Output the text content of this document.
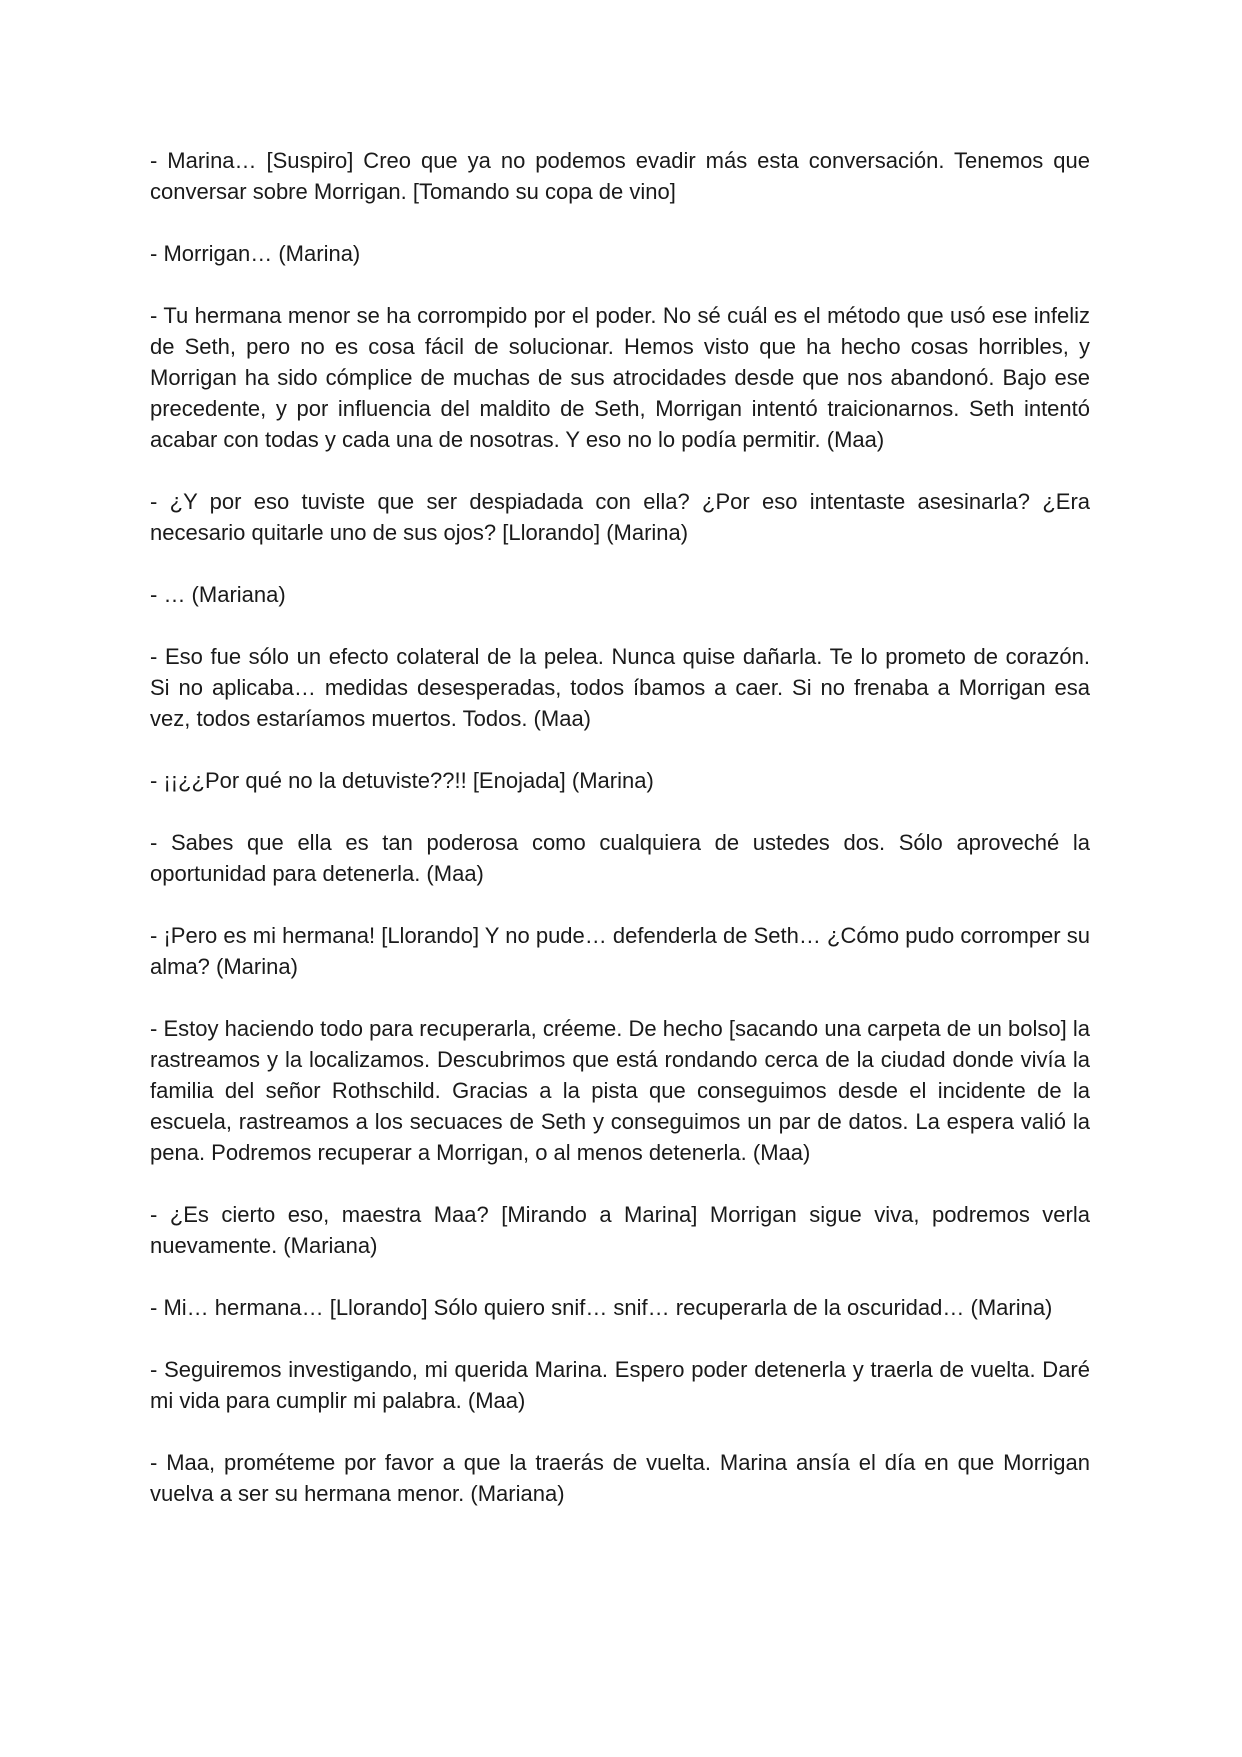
- Marina… [Suspiro] Creo que ya no podemos evadir más esta conversación. Tenemos que conversar sobre Morrigan. [Tomando su copa de vino]

- Morrigan… (Marina)

- Tu hermana menor se ha corrompido por el poder. No sé cuál es el método que usó ese infeliz de Seth, pero no es cosa fácil de solucionar. Hemos visto que ha hecho cosas horribles, y Morrigan ha sido cómplice de muchas de sus atrocidades desde que nos abandonó. Bajo ese precedente, y por influencia del maldito de Seth, Morrigan intentó traicionarnos. Seth intentó acabar con todas y cada una de nosotras. Y eso no lo podía permitir. (Maa)

- ¿Y por eso tuviste que ser despiadada con ella? ¿Por eso intentaste asesinarla? ¿Era necesario quitarle uno de sus ojos? [Llorando] (Marina)

- … (Mariana)

- Eso fue sólo un efecto colateral de la pelea. Nunca quise dañarla. Te lo prometo de corazón. Si no aplicaba… medidas desesperadas, todos íbamos a caer. Si no frenaba a Morrigan esa vez, todos estaríamos muertos. Todos. (Maa)

- ¡¡¿¿Por qué no la detuviste??!! [Enojada] (Marina)

- Sabes que ella es tan poderosa como cualquiera de ustedes dos. Sólo aproveché la oportunidad para detenerla. (Maa)

- ¡Pero es mi hermana! [Llorando] Y no pude… defenderla de Seth… ¿Cómo pudo corromper su alma? (Marina)

- Estoy haciendo todo para recuperarla, créeme. De hecho [sacando una carpeta de un bolso] la rastreamos y la localizamos. Descubrimos que está rondando cerca de la ciudad donde vivía la familia del señor Rothschild. Gracias a la pista que conseguimos desde el incidente de la escuela, rastreamos a los secuaces de Seth y conseguimos un par de datos. La espera valió la pena. Podremos recuperar a Morrigan, o al menos detenerla. (Maa)

- ¿Es cierto eso, maestra Maa? [Mirando a Marina] Morrigan sigue viva, podremos verla nuevamente. (Mariana)

- Mi… hermana… [Llorando] Sólo quiero snif… snif… recuperarla de la oscuridad… (Marina)

- Seguiremos investigando, mi querida Marina. Espero poder detenerla y traerla de vuelta. Daré mi vida para cumplir mi palabra. (Maa)

- Maa, prométeme por favor a que la traerás de vuelta. Marina ansía el día en que Morrigan vuelva a ser su hermana menor. (Mariana)
